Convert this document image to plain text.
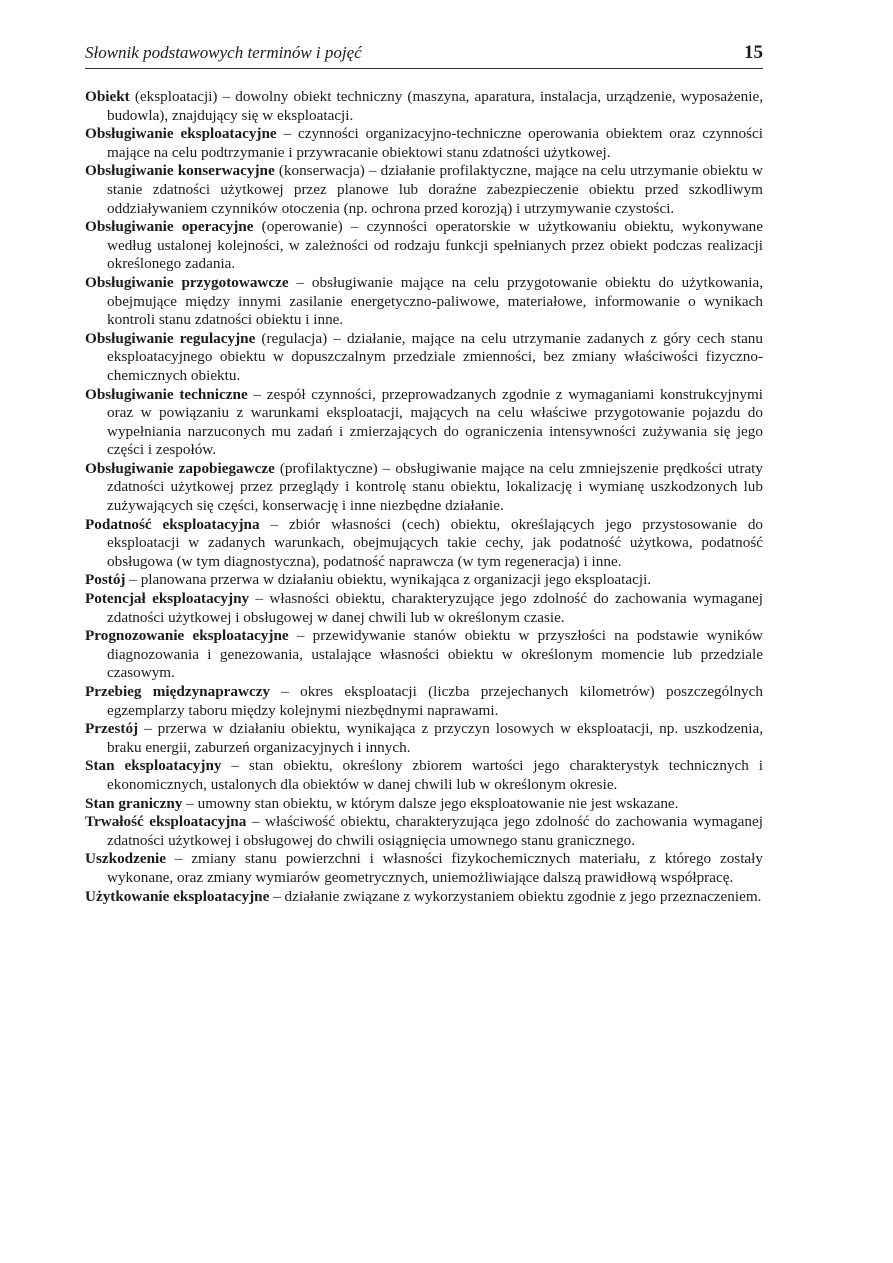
Słownik podstawowych terminów i pojęć	15

Obiekt (eksploatacji) – dowolny obiekt techniczny (maszyna, aparatura, instalacja, urządzenie, wyposażenie, budowla), znajdujący się w eksploatacji.

Obsługiwanie eksploatacyjne – czynności organizacyjno-techniczne operowania obiektem oraz czynności mające na celu podtrzymanie i przywracanie obiektowi stanu zdatności użytkowej.

Obsługiwanie konserwacyjne (konserwacja) – działanie profilaktyczne, mające na celu utrzymanie obiektu w stanie zdatności użytkowej przez planowe lub doraźne zabezpieczenie obiektu przed szkodliwym oddziaływaniem czynników otoczenia (np. ochrona przed korozją) i utrzymywanie czystości.

Obsługiwanie operacyjne (operowanie) – czynności operatorskie w użytkowaniu obiektu, wykonywane według ustalonej kolejności, w zależności od rodzaju funkcji spełnianych przez obiekt podczas realizacji określonego zadania.

Obsługiwanie przygotowawcze – obsługiwanie mające na celu przygotowanie obiektu do użytkowania, obejmujące między innymi zasilanie energetyczno-paliwowe, materiałowe, informowanie o wynikach kontroli stanu zdatności obiektu i inne.

Obsługiwanie regulacyjne (regulacja) – działanie, mające na celu utrzymanie zadanych z góry cech stanu eksploatacyjnego obiektu w dopuszczalnym przedziale zmienności, bez zmiany właściwości fizyczno-chemicznych obiektu.

Obsługiwanie techniczne – zespół czynności, przeprowadzanych zgodnie z wymaganiami konstrukcyjnymi oraz w powiązaniu z warunkami eksploatacji, mających na celu właściwe przygotowanie pojazdu do wypełniania narzuconych mu zadań i zmierzających do ograniczenia intensywności zużywania się jego części i zespołów.

Obsługiwanie zapobiegawcze (profilaktyczne) – obsługiwanie mające na celu zmniejszenie prędkości utraty zdatności użytkowej przez przeglądy i kontrolę stanu obiektu, lokalizację i wymianę uszkodzonych lub zużywających się części, konserwację i inne niezbędne działanie.

Podatność eksploatacyjna – zbiór własności (cech) obiektu, określających jego przystosowanie do eksploatacji w zadanych warunkach, obejmujących takie cechy, jak podatność użytkowa, podatność obsługowa (w tym diagnostyczna), podatność naprawcza (w tym regeneracja) i inne.

Postój – planowana przerwa w działaniu obiektu, wynikająca z organizacji jego eksploatacji.

Potencjał eksploatacyjny – własności obiektu, charakteryzujące jego zdolność do zachowania wymaganej zdatności użytkowej i obsługowej w danej chwili lub w określonym czasie.

Prognozowanie eksploatacyjne – przewidywanie stanów obiektu w przyszłości na podstawie wyników diagnozowania i genezowania, ustalające własności obiektu w określonym momencie lub przedziale czasowym.

Przebieg międzynaprawczy – okres eksploatacji (liczba przejechanych kilometrów) poszczególnych egzemplarzy taboru między kolejnymi niezbędnymi naprawami.

Przestój – przerwa w działaniu obiektu, wynikająca z przyczyn losowych w eksploatacji, np. uszkodzenia, braku energii, zaburzeń organizacyjnych i innych.

Stan eksploatacyjny – stan obiektu, określony zbiorem wartości jego charakterystyk technicznych i ekonomicznych, ustalonych dla obiektów w danej chwili lub w określonym okresie.

Stan graniczny – umowny stan obiektu, w którym dalsze jego eksploatowanie nie jest wskazane.

Trwałość eksploatacyjna – właściwość obiektu, charakteryzująca jego zdolność do zachowania wymaganej zdatności użytkowej i obsługowej do chwili osiągnięcia umownego stanu granicznego.

Uszkodzenie – zmiany stanu powierzchni i własności fizykochemicznych materiału, z którego zostały wykonane, oraz zmiany wymiarów geometrycznych, uniemożliwiające dalszą prawidłową współpracę.

Użytkowanie eksploatacyjne – działanie związane z wykorzystaniem obiektu zgodnie z jego przeznaczeniem.
